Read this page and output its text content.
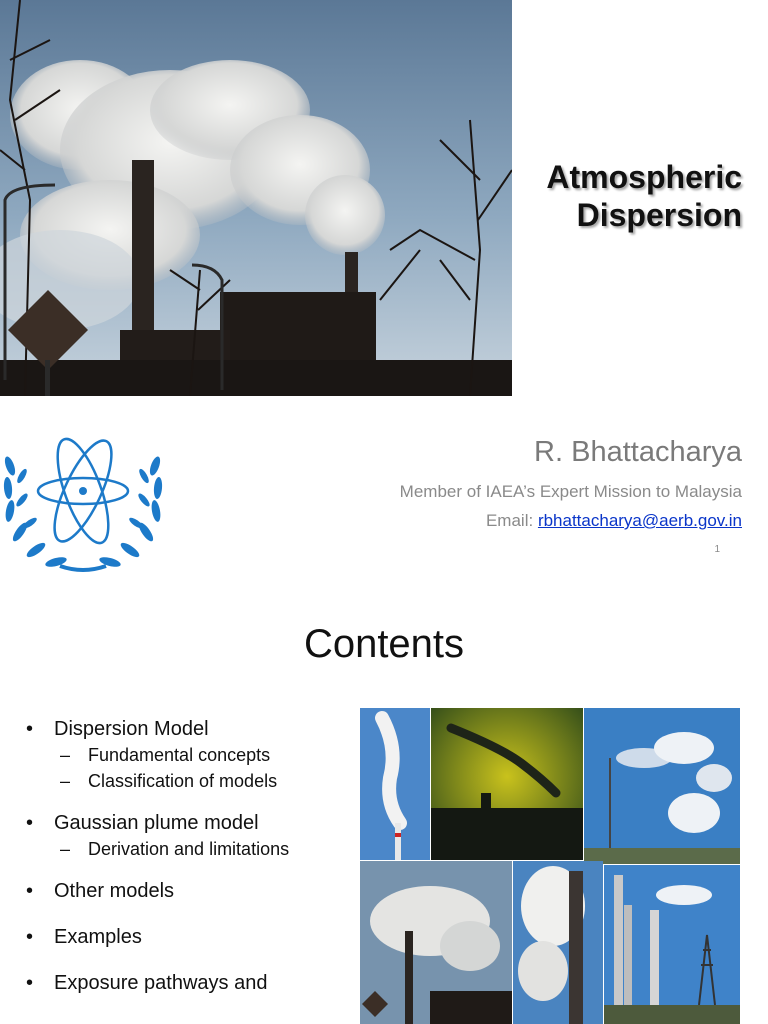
Atmospheric
Dispersion
R. Bhattacharya
Member of IAEA’s Expert Mission to Malaysia
Email: rbhattacharya@aerb.gov.in
1
Contents
• Dispersion Model
– Fundamental concepts
– Classification of models
• Gaussian plume model
– Derivation and limitations
• Other models
• Examples
• Exposure pathways and
